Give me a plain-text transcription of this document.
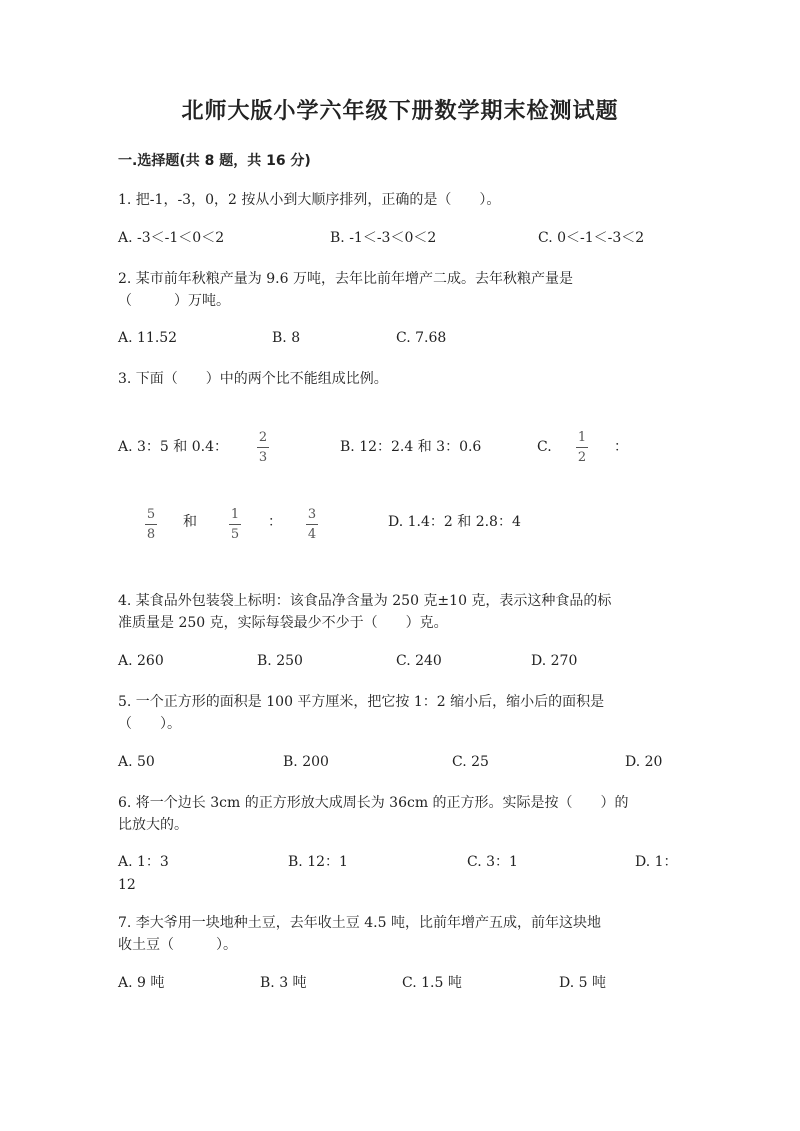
北师大版小学六年级下册数学期末检测试题
一.选择题(共 8 题，共 16 分)
1. 把-1，-3，0，2 按从小到大顺序排列，正确的是（　　）。
A. -3＜-1＜0＜2	B. -1＜-3＜0＜2	C. 0＜-1＜-3＜2
2. 某市前年秋粮产量为 9.6 万吨，去年比前年增产二成。去年秋粮产量是
（　　　）万吨。
A. 11.52	B. 8	C. 7.68
3. 下面（　　）中的两个比不能组成比例。
A. 3：5 和 0.4：
2
3
B. 12：2.4 和 3：0.6	C.
1
2
：
5
8
和	1
5
： 3
4
D. 1.4：2 和 2.8：4
4. 某食品外包装袋上标明：该食品净含量为 250 克±10 克，表示这种食品的标
准质量是 250 克，实际每袋最少不少于（　　）克。
A. 260	B. 250	C. 240	D. 270
5. 一个正方形的面积是 100 平方厘米，把它按 1：2 缩小后，缩小后的面积是
（　　）。
A. 50	B. 200	C. 25	D. 20
6. 将一个边长 3cm 的正方形放大成周长为 36cm 的正方形。实际是按（　　）的
比放大的。
A. 1：3	B. 12：1	C. 3：1	D. 1：
12
7. 李大爷用一块地种土豆，去年收土豆 4.5 吨，比前年增产五成，前年这块地
收土豆（　　　）。
A. 9 吨	B. 3 吨	C. 1.5 吨	D. 5 吨
